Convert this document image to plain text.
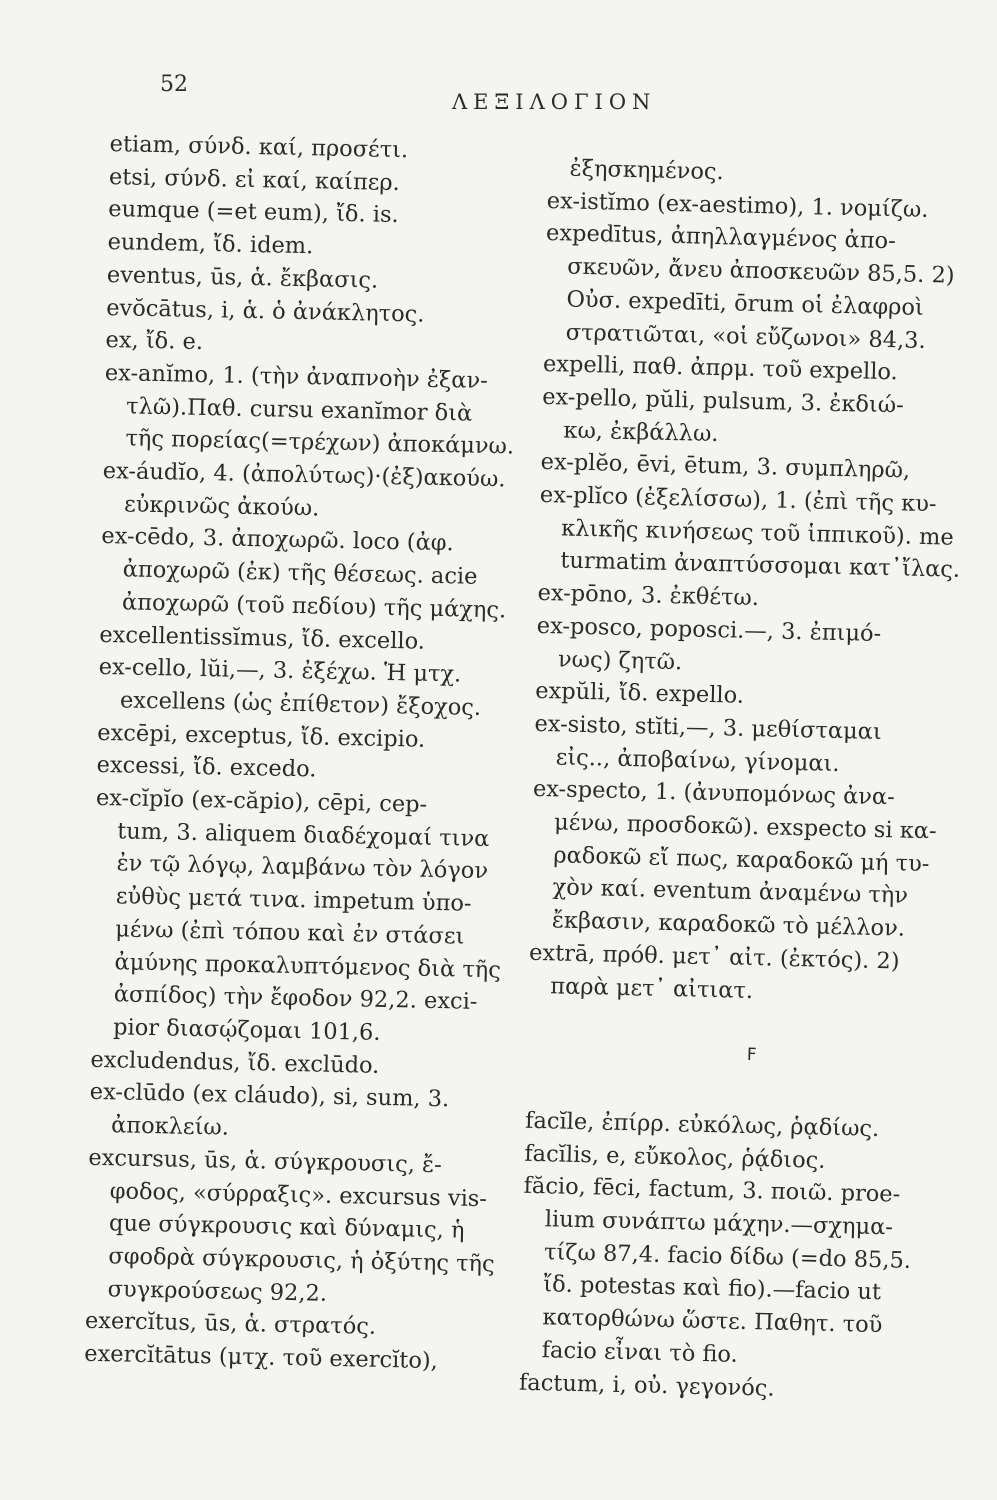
52
ΛΕΞΙΛΟΓΙΟΝ
etiam, σύνδ. καί, προσέτι.
etsi, σύνδ. εἰ καί, καίπερ.
eumque (=et eum), ἴδ. is.
eundem, ἴδ. idem.
eventus, ūs, ἁ. ἔκβασις.
evŏcātus, i, ἁ. ὁ ἀνάκλητος.
ex, ἴδ. e.
ex-anĭmo, 1. (τὴν ἀναπνοὴν ἐξαν-
τλῶ).Παθ. cursu exanĭmor διὰ
τῆς πορείας(=τρέχων) ἀποκάμνω.
ex-áudĭo, 4. (ἀπολύτως)·(ἐξ)ακούω.
εὐκρινῶς ἀκούω.
ex-cēdo, 3. ἀποχωρῶ. loco (ἀφ.
ἀποχωρῶ (ἐκ) τῆς θέσεως. acie
ἀποχωρῶ (τοῦ πεδίου) τῆς μάχης.
excellentissĭmus, ἴδ. excello.
ex-cello, lŭi,—, 3. ἐξέχω. Ἡ μτχ.
excellens (ὡς ἐπίθετον) ἔξοχος.
excēpi, exceptus, ἴδ. excipio.
excessi, ἴδ. excedo.
ex-cĭpĭo (ex-căpio), cēpi, cep-
tum, 3. aliquem διαδέχομαί τινα
ἐν τῷ λόγῳ, λαμβάνω τὸν λόγον
εὐθὺς μετά τινα. impetum ὑπο-
μένω (ἐπὶ τόπου καὶ ἐν στάσει
ἀμύνης προκαλυπτόμενος διὰ τῆς
ἀσπίδος) τὴν ἔφοδον 92,2. exci-
pior διασῴζομαι 101,6.
excludendus, ἴδ. exclūdo.
ex-clūdo (ex cláudo), si, sum, 3.
ἀποκλείω.
excursus, ūs, ἁ. σύγκρουσις, ἔ-
φοδος, «σύρραξις». excursus vis-
que σύγκρουσις καὶ δύναμις, ἡ
σφοδρὰ σύγκρουσις, ἡ ὀξύτης τῆς
συγκρούσεως 92,2.
exercĭtus, ūs, ἁ. στρατός.
exercĭtātus (μτχ. τοῦ exercĭto),
ἐξησκημένος.
ex-istĭmo (ex-aestimo), 1. νομίζω.
expedītus, ἀπηλλαγμένος ἀπο-
σκευῶν, ἄνευ ἀποσκευῶν 85,5. 2)
Οὐσ. expedīti, ōrum οἱ ἐλαφροὶ
στρατιῶται, «οἱ εὔζωνοι» 84,3.
expelli, παθ. ἀπρμ. τοῦ expello.
ex-pello, pŭli, pulsum, 3. ἐκδιώ-
κω, ἐκβάλλω.
ex-plĕo, ēvi, ētum, 3. συμπληρῶ,
ex-plĭco (ἐξελίσσω), 1. (ἐπὶ τῆς κυ-
κλικῆς κινήσεως τοῦ ἱππικοῦ). me
turmatim ἀναπτύσσομαι κατ᾽ἴλας.
ex-pōno, 3. ἐκθέτω.
ex-posco, poposci.—, 3. ἐπιμό-
νως) ζητῶ.
expŭli, ἴδ. expello.
ex-sisto, stĭti,—, 3. μεθίσταμαι
εἰς.., ἀποβαίνω, γίνομαι.
ex-specto, 1. (ἀνυπομόνως ἀνα-
μένω, προσδοκῶ). exspecto si κα-
ραδοκῶ εἴ πως, καραδοκῶ μή τυ-
χὸν καί. eventum ἀναμένω τὴν
ἔκβασιν, καραδοκῶ τὸ μέλλον.
extrā, πρόθ. μετ᾽ αἰτ. (ἐκτός). 2)
παρὰ μετ᾽ αἰτιατ.
F
facĭle, ἐπίρρ. εὐκόλως, ῥᾳδίως.
facĭlis, e, εὔκολος, ῥᾴδιος.
făcio, fēci, factum, 3. ποιῶ. proe-
lium συνάπτω μάχην.—σχημα-
τίζω 87,4. facio δίδω (=do 85,5.
ἴδ. potestas καὶ fio).—facio ut
κατορθώνω ὥστε. Παθητ. τοῦ
facio εἶναι τὸ fio.
factum, i, οὐ. γεγονός.
